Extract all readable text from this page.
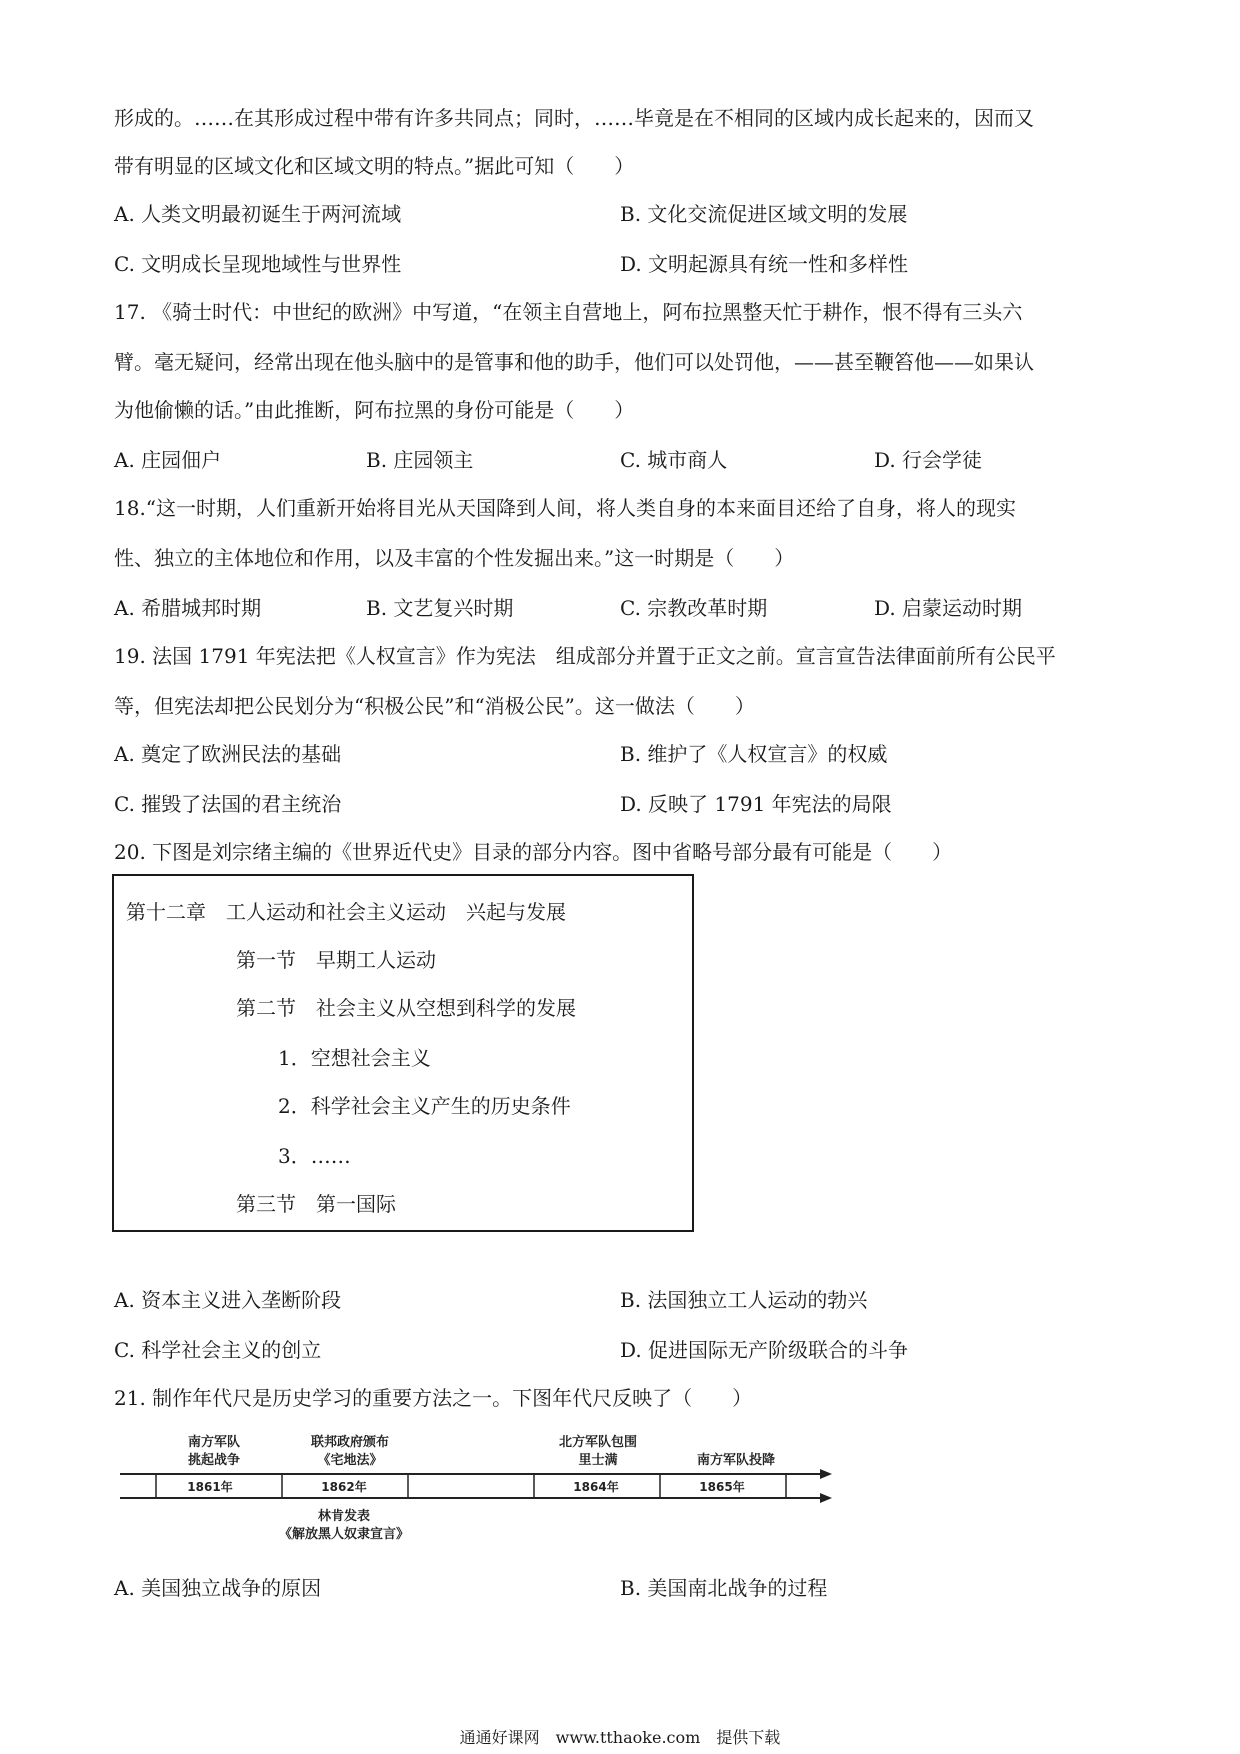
形成的。……在其形成过程中带有许多共同点；同时，……毕竟是在不相同的区域内成长起来的，因而又
带有明显的区域文化和区域文明的特点。”据此可知（　　）
A. 人类文明最初诞生于两河流域	B. 文化交流促进区域文明的发展
C. 文明成长呈现地域性与世界性	D. 文明起源具有统一性和多样性
17. 《骑士时代：中世纪的欧洲》中写道，“在领主自营地上，阿布拉黑整天忙于耕作，恨不得有三头六
臂。毫无疑问，经常出现在他头脑中的是管事和他的助手，他们可以处罚他，——甚至鞭笞他——如果认
为他偷懒的话。”由此推断，阿布拉黑的身份可能是（　　）
A. 庄园佃户	B. 庄园领主	C. 城市商人	D. 行会学徒
18.“这一时期，人们重新开始将目光从天国降到人间，将人类自身的本来面目还给了自身，将人的现实
性、独立的主体地位和作用，以及丰富的个性发掘出来。”这一时期是（　　）
A. 希腊城邦时期	B. 文艺复兴时期	C. 宗教改革时期	D. 启蒙运动时期
19. 法国 1791 年宪法把《人权宣言》作为宪法　组成部分并置于正文之前。宣言宣告法律面前所有公民平
等，但宪法却把公民划分为“积极公民”和“消极公民”。这一做法（　　）
A. 奠定了欧洲民法的基础	B. 维护了《人权宣言》的权威
C. 摧毁了法国的君主统治	D. 反映了 1791 年宪法的局限
20. 下图是刘宗绪主编的《世界近代史》目录的部分内容。图中省略号部分最有可能是（　　）
第十二章　工人运动和社会主义运动　兴起与发展
第一节　早期工人运动
第二节　社会主义从空想到科学的发展
1．空想社会主义
2．科学社会主义产生的历史条件
3．……
第三节　第一国际
A. 资本主义进入垄断阶段	B. 法国独立工人运动的勃兴
C. 科学社会主义的创立	D. 促进国际无产阶级联合的斗争
21. 制作年代尺是历史学习的重要方法之一。下图年代尺反映了（　　）
南方军队
挑起战争
联邦政府颁布
《宅地法》
北方军队包围
里士满	南方军队投降
1861年	1862年	1864年	1865年
林肯发表
《解放黑人奴隶宣言》
A. 美国独立战争的原因	B. 美国南北战争的过程
通通好课网　www.tthaoke.com　提供下载
